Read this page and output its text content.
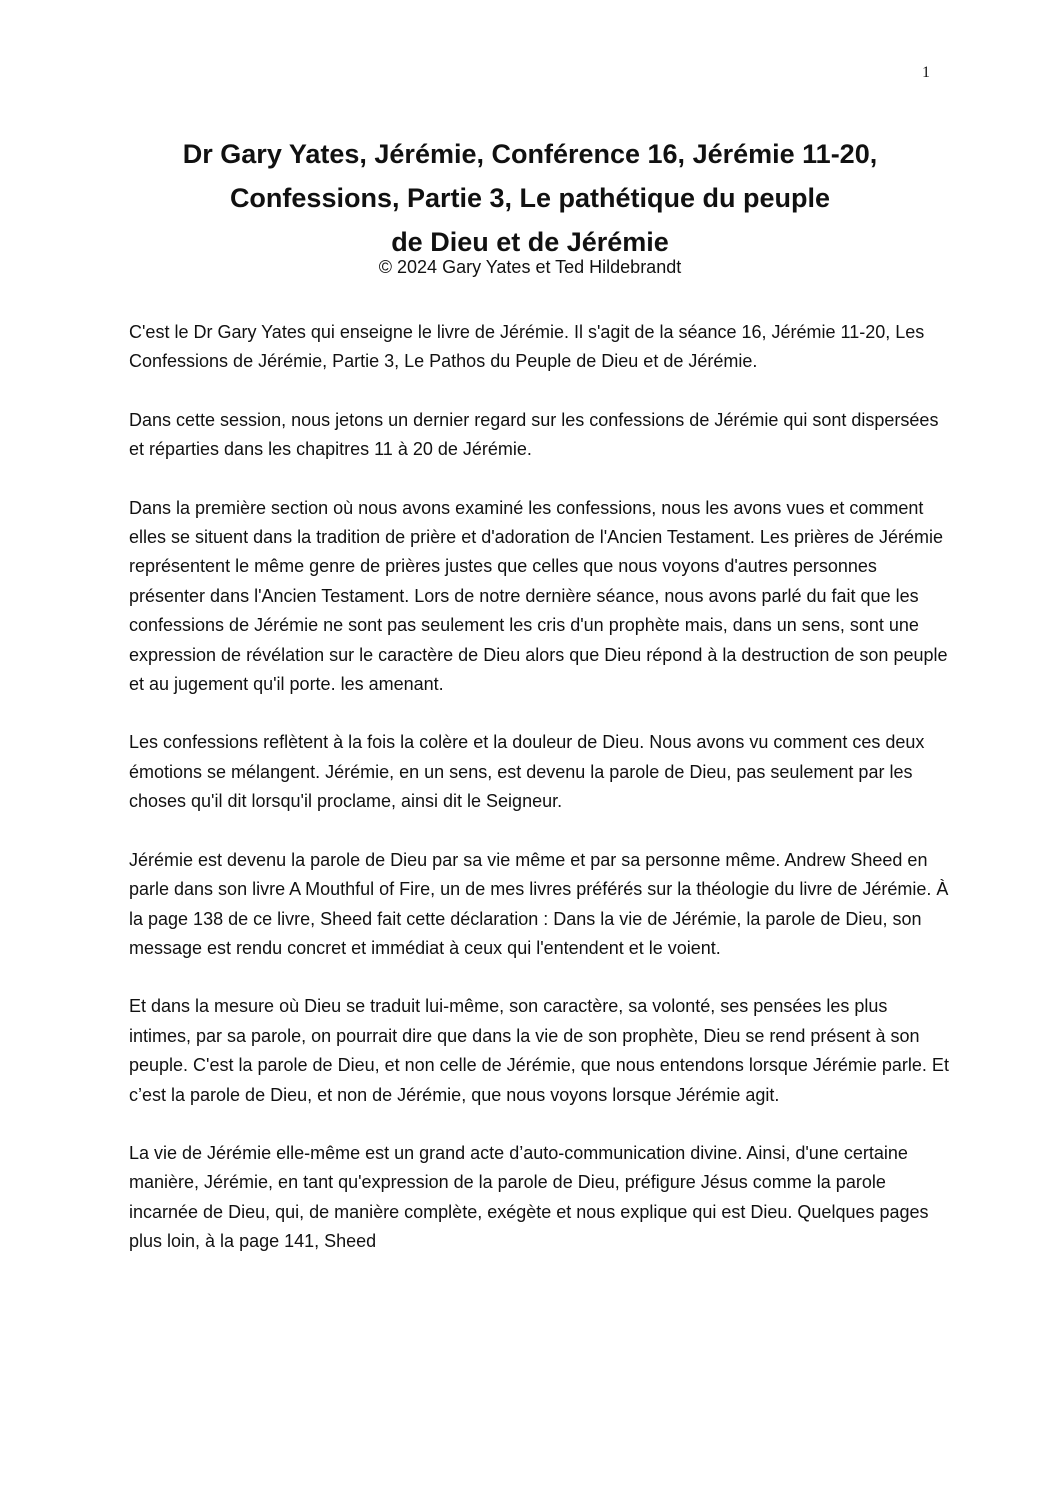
1
Dr Gary Yates, Jérémie, Conférence 16, Jérémie 11-20,
Confessions, Partie 3, Le pathétique du peuple
de Dieu et de Jérémie
© 2024 Gary Yates et Ted Hildebrandt

C'est le Dr Gary Yates qui enseigne le livre de Jérémie. Il s'agit de la séance 16, Jérémie 11-20, Les Confessions de Jérémie, Partie 3, Le Pathos du Peuple de Dieu et de Jérémie.

Dans cette session, nous jetons un dernier regard sur les confessions de Jérémie qui sont dispersées et réparties dans les chapitres 11 à 20 de Jérémie.

Dans la première section où nous avons examiné les confessions, nous les avons vues et comment elles se situent dans la tradition de prière et d'adoration de l'Ancien Testament. Les prières de Jérémie représentent le même genre de prières justes que celles que nous voyons d'autres personnes présenter dans l'Ancien Testament. Lors de notre dernière séance, nous avons parlé du fait que les confessions de Jérémie ne sont pas seulement les cris d'un prophète mais, dans un sens, sont une expression de révélation sur le caractère de Dieu alors que Dieu répond à la destruction de son peuple et au jugement qu'il porte. les amenant.

Les confessions reflètent à la fois la colère et la douleur de Dieu. Nous avons vu comment ces deux émotions se mélangent. Jérémie, en un sens, est devenu la parole de Dieu, pas seulement par les choses qu'il dit lorsqu'il proclame, ainsi dit le Seigneur.

Jérémie est devenu la parole de Dieu par sa vie même et par sa personne même. Andrew Sheed en parle dans son livre A Mouthful of Fire, un de mes livres préférés sur la théologie du livre de Jérémie. À la page 138 de ce livre, Sheed fait cette déclaration : Dans la vie de Jérémie, la parole de Dieu, son message est rendu concret et immédiat à ceux qui l'entendent et le voient.

Et dans la mesure où Dieu se traduit lui-même, son caractère, sa volonté, ses pensées les plus intimes, par sa parole, on pourrait dire que dans la vie de son prophète, Dieu se rend présent à son peuple. C'est la parole de Dieu, et non celle de Jérémie, que nous entendons lorsque Jérémie parle. Et c’est la parole de Dieu, et non de Jérémie, que nous voyons lorsque Jérémie agit.

La vie de Jérémie elle-même est un grand acte d’auto-communication divine. Ainsi, d'une certaine manière, Jérémie, en tant qu'expression de la parole de Dieu, préfigure Jésus comme la parole incarnée de Dieu, qui, de manière complète, exégète et nous explique qui est Dieu. Quelques pages plus loin, à la page 141, Sheed
